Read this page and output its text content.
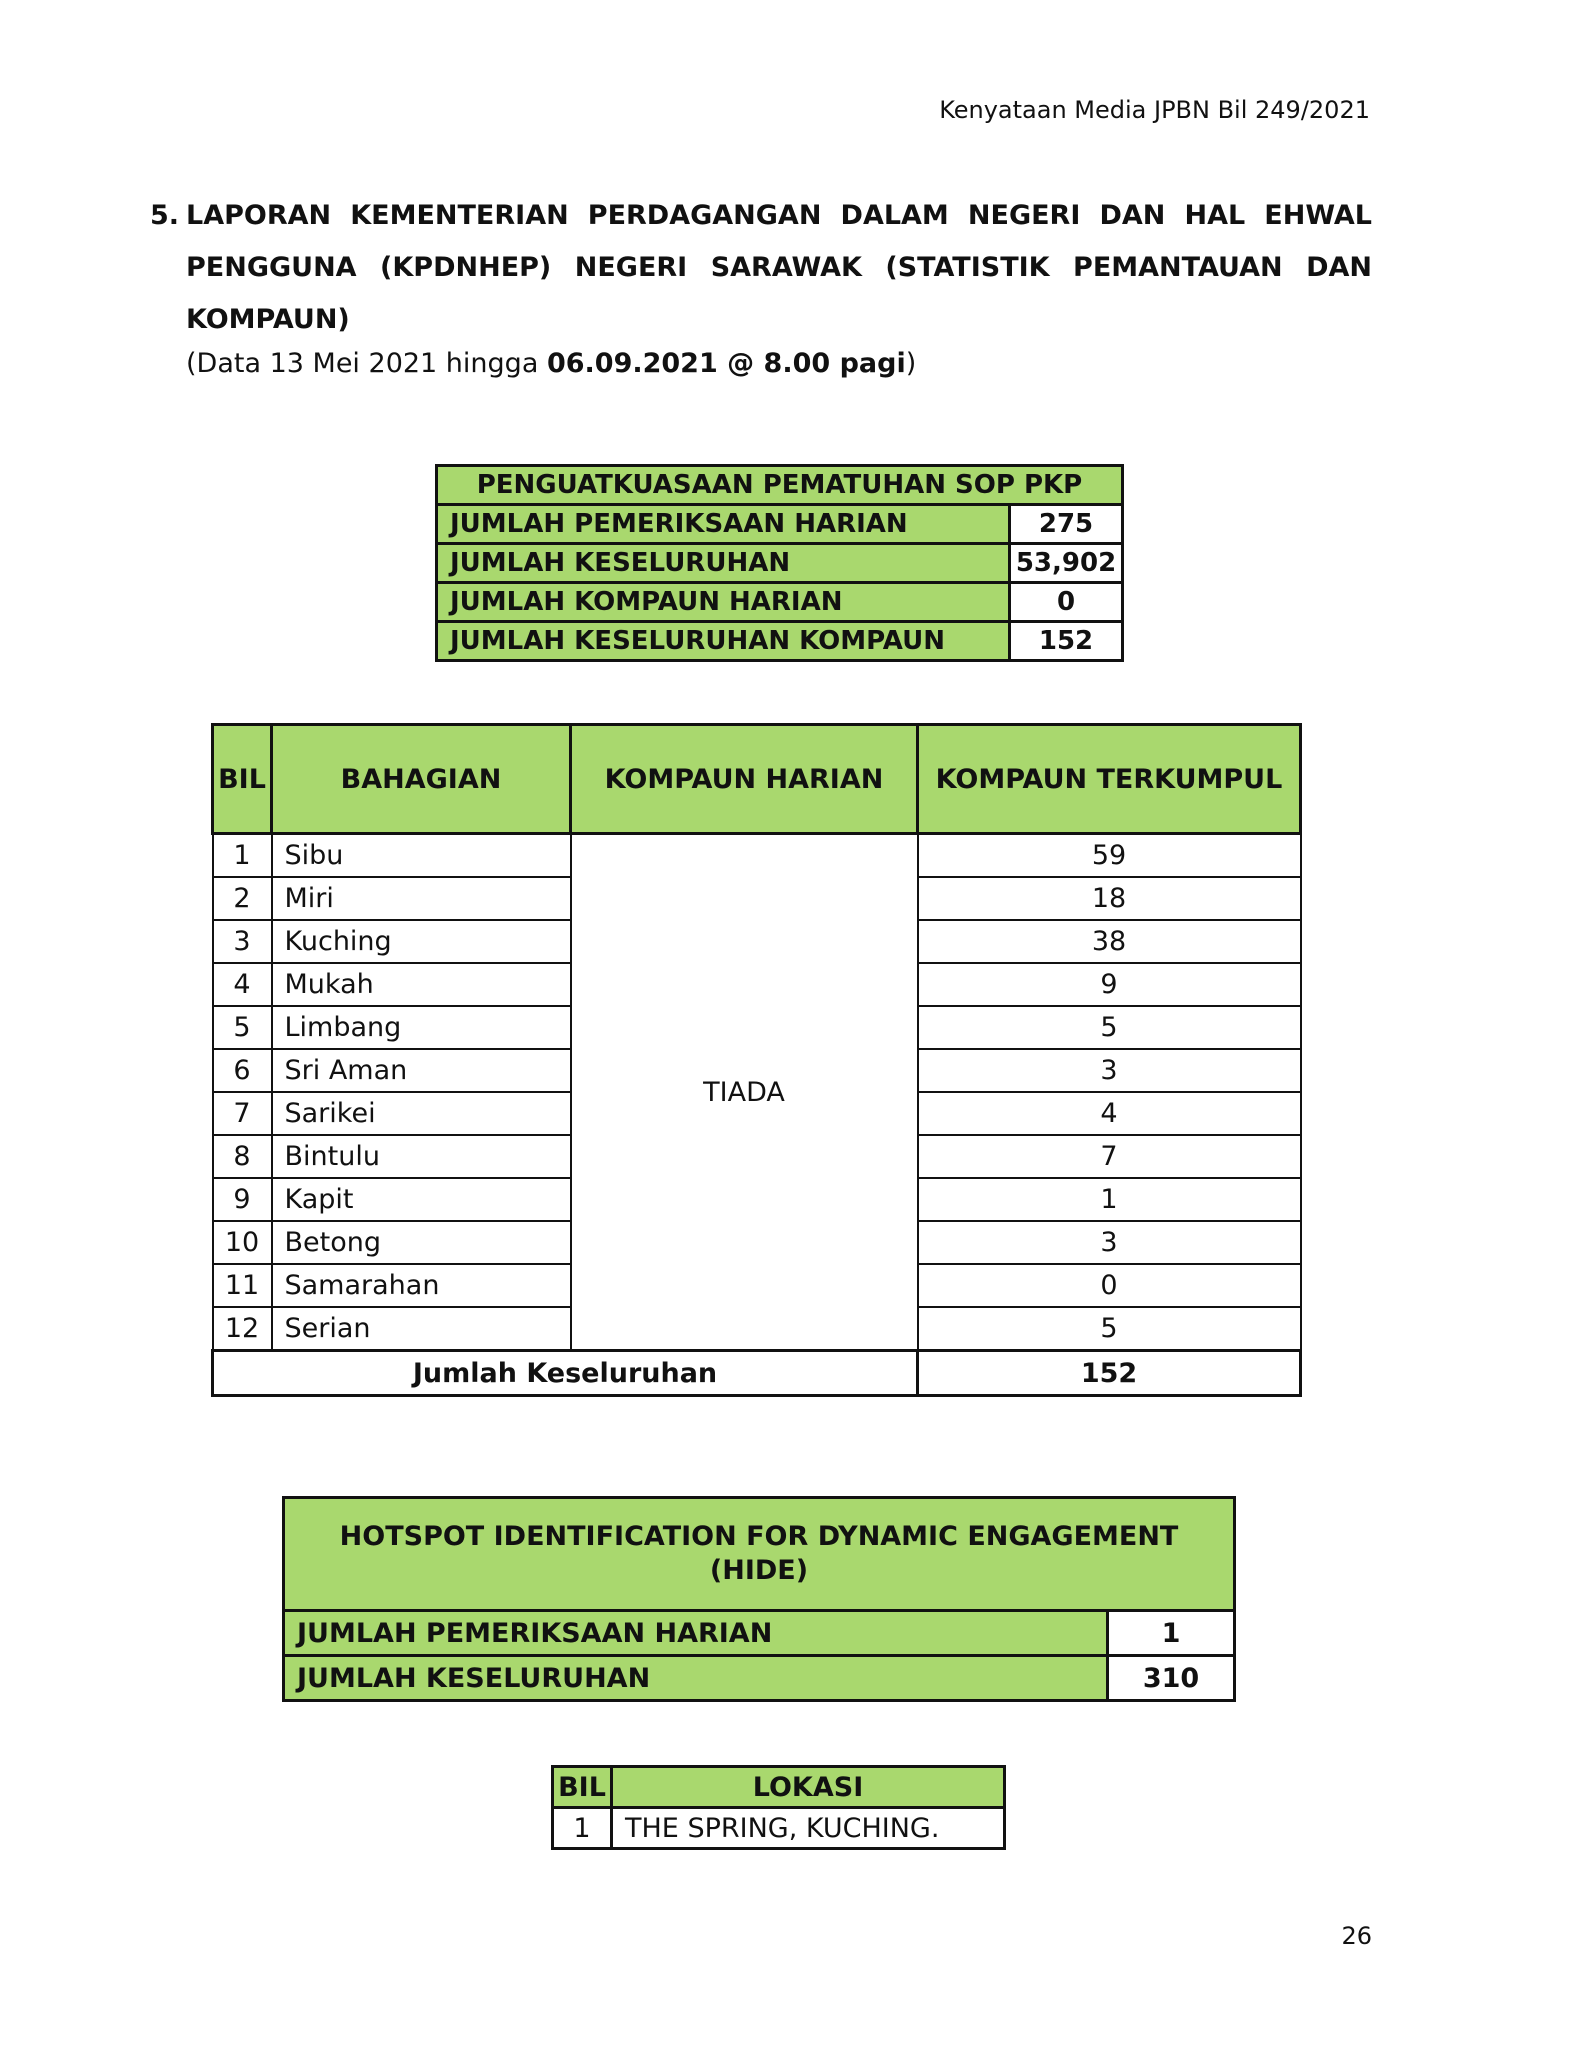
Kenyataan Media JPBN Bil 249/2021
5. LAPORAN KEMENTERIAN PERDAGANGAN DALAM NEGERI DAN HAL EHWAL
PENGGUNA (KPDNHEP) NEGERI SARAWAK (STATISTIK PEMANTAUAN DAN
KOMPAUN)
(Data 13 Mei 2021 hingga 06.09.2021 @ 8.00 pagi)
PENGUATKUASAAN PEMATUHAN SOP PKP	
JUMLAH PEMERIKSAAN HARIAN	275
JUMLAH KESELURUHAN	53,902
JUMLAH KOMPAUN HARIAN	0
JUMLAH KESELURUHAN KOMPAUN	152
BIL	BAHAGIAN	KOMPAUN HARIAN	KOMPAUN TERKUMPUL
1	Sibu	TIADA	59
2	Miri		18
3	Kuching		38
4	Mukah		9
5	Limbang		5
6	Sri Aman		3
7	Sarikei		4
8	Bintulu		7
9	Kapit		1
10	Betong		3
11	Samarahan		0
12	Serian		5
Jumlah Keseluruhan			152
HOTSPOT IDENTIFICATION FOR DYNAMIC ENGAGEMENT
(HIDE)	
JUMLAH PEMERIKSAAN HARIAN	1
JUMLAH KESELURUHAN	310
BIL	LOKASI
1	THE SPRING, KUCHING.
26
